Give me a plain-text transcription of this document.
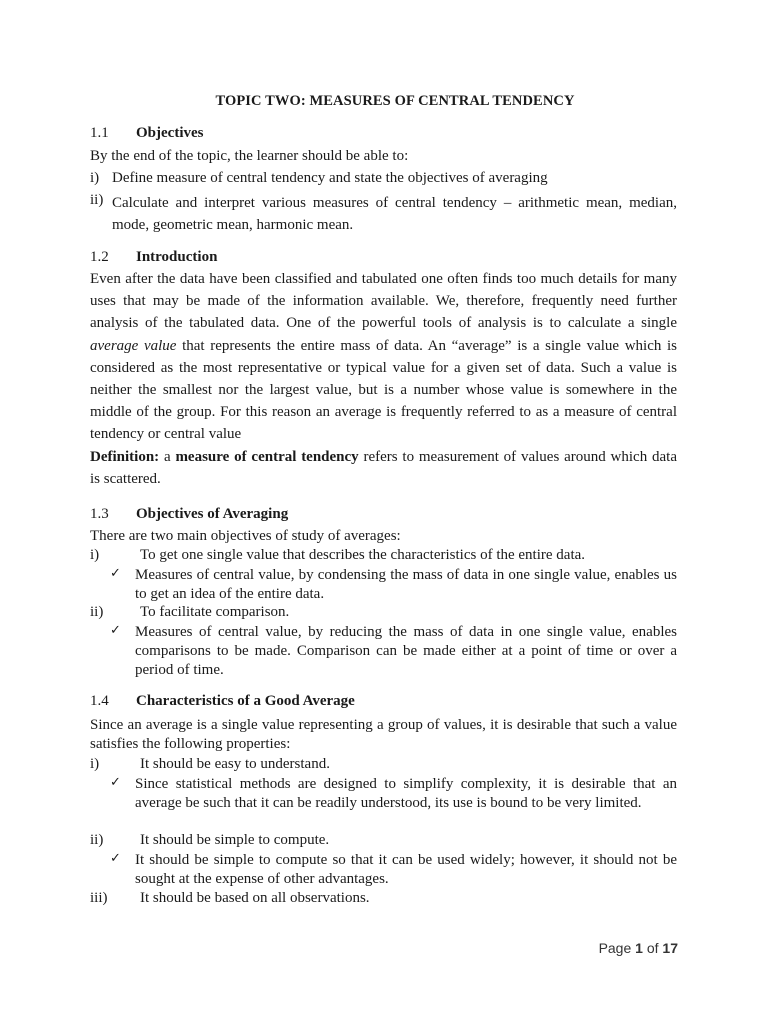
TOPIC TWO: MEASURES OF CENTRAL TENDENCY
1.1 Objectives
By the end of the topic, the learner should be able to:
i) Define measure of central tendency and state the objectives of averaging
ii) Calculate and interpret various measures of central tendency – arithmetic mean, median, mode, geometric mean, harmonic mean.
1.2 Introduction
Even after the data have been classified and tabulated one often finds too much details for many uses that may be made of the information available. We, therefore, frequently need further analysis of the tabulated data. One of the powerful tools of analysis is to calculate a single average value that represents the entire mass of data. An “average” is a single value which is considered as the most representative or typical value for a given set of data. Such a value is neither the smallest nor the largest value, but is a number whose value is somewhere in the middle of the group. For this reason an average is frequently referred to as a measure of central tendency or central value
Definition: a measure of central tendency refers to measurement of values around which data is scattered.
1.3 Objectives of Averaging
There are two main objectives of study of averages:
i)	To get one single value that describes the characteristics of the entire data.
✓ Measures of central value, by condensing the mass of data in one single value, enables us to get an idea of the entire data.
ii) To facilitate comparison.
✓ Measures of central value, by reducing the mass of data in one single value, enables comparisons to be made. Comparison can be made either at a point of time or over a period of time.
1.4 Characteristics of a Good Average
Since an average is a single value representing a group of values, it is desirable that such a value satisfies the following properties:
i)	It should be easy to understand.
✓ Since statistical methods are designed to simplify complexity, it is desirable that an average be such that it can be readily understood, its use is bound to be very limited.
ii) It should be simple to compute.
✓ It should be simple to compute so that it can be used widely; however, it should not be sought at the expense of other advantages.
iii) It should be based on all observations.
Page 1 of 17
